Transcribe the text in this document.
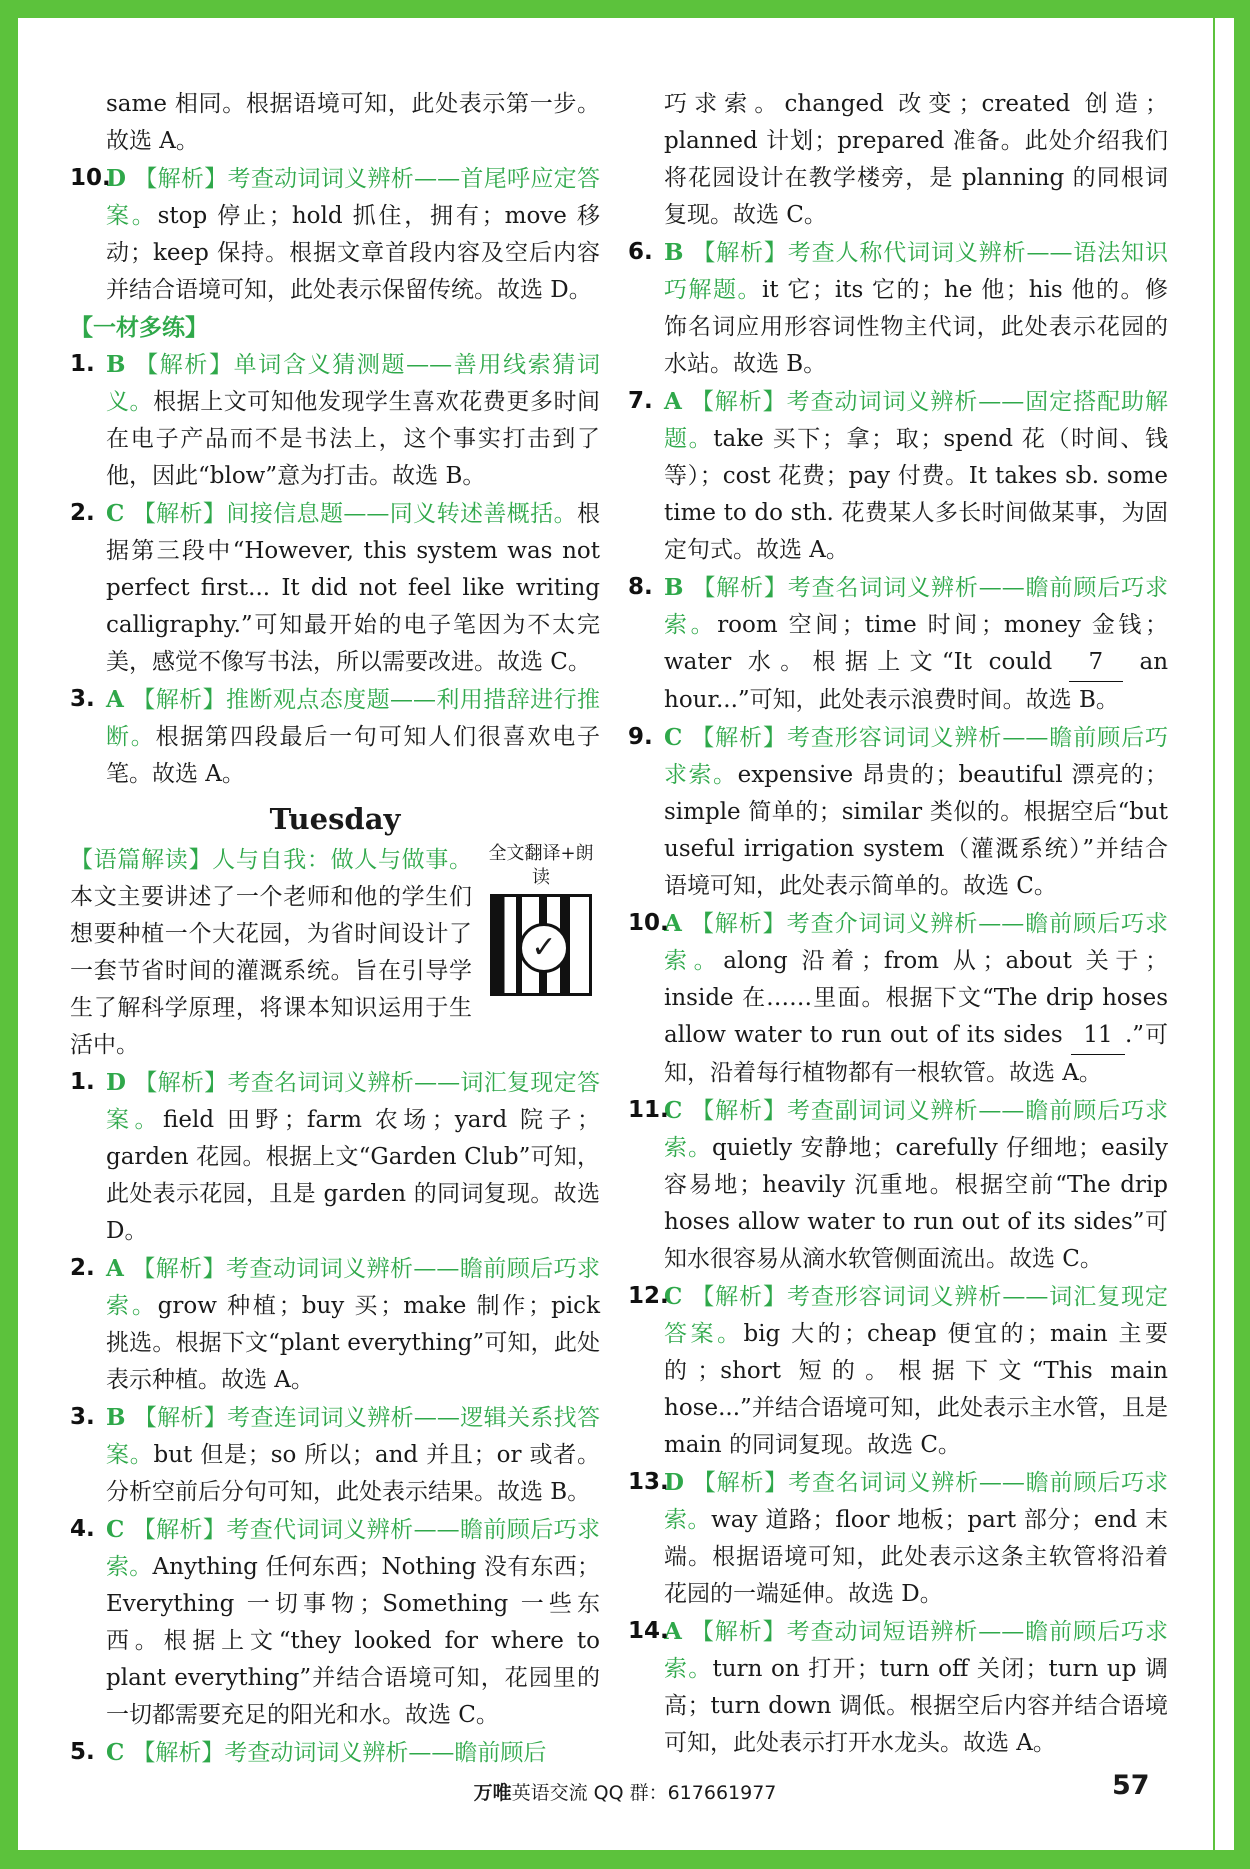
same 相同。根据语境可知，此处表示第一步。故选 A。
10.
D 【解析】考查动词词义辨析——首尾呼应定答案。stop 停止；hold 抓住，拥有；move 移动；keep 保持。根据文章首段内容及空后内容并结合语境可知，此处表示保留传统。故选 D。
【一材多练】
1. B 【解析】单词含义猜测题——善用线索猜词义。根据上文可知他发现学生喜欢花费更多时间在电子产品而不是书法上，这个事实打击到了他，因此“blow”意为打击。故选 B。
2. C 【解析】间接信息题——同义转述善概括。根据第三段中“However, this system was not perfect first... It did not feel like writing calligraphy.”可知最开始的电子笔因为不太完美，感觉不像写书法，所以需要改进。故选 C。
3. A 【解析】推断观点态度题——利用措辞进行推断。根据第四段最后一句可知人们很喜欢电子笔。故选 A。
Tuesday
全文翻译+朗读
✓
【语篇解读】人与自我：做人与做事。本文主要讲述了一个老师和他的学生们想要种植一个大花园，为省时间设计了一套节省时间的灌溉系统。旨在引导学生了解科学原理，将课本知识运用于生活中。
1. D 【解析】考查名词词义辨析——词汇复现定答案。field 田野；farm 农场；yard 院子；garden 花园。根据上文“Garden Club”可知，此处表示花园，且是 garden 的同词复现。故选 D。
2. A 【解析】考查动词词义辨析——瞻前顾后巧求索。grow 种植；buy 买；make 制作；pick 挑选。根据下文“plant everything”可知，此处表示种植。故选 A。
3. B 【解析】考查连词词义辨析——逻辑关系找答案。but 但是；so 所以；and 并且；or 或者。分析空前后分句可知，此处表示结果。故选 B。
4. C 【解析】考查代词词义辨析——瞻前顾后巧求索。Anything 任何东西；Nothing 没有东西；Everything 一切事物；Something 一些东西。根据上文“they looked for where to plant everything”并结合语境可知，花园里的一切都需要充足的阳光和水。故选 C。
5. C 【解析】考查动词词义辨析——瞻前顾后
巧求索。changed 改变；created 创造；planned 计划；prepared 准备。此处介绍我们将花园设计在教学楼旁，是 planning 的同根词复现。故选 C。
6. B 【解析】考查人称代词词义辨析——语法知识巧解题。it 它；its 它的；he 他；his 他的。修饰名词应用形容词性物主代词，此处表示花园的水站。故选 B。
7. A 【解析】考查动词词义辨析——固定搭配助解题。take 买下；拿；取；spend 花（时间、钱等）；cost 花费；pay 付费。It takes sb. some time to do sth. 花费某人多长时间做某事，为固定句式。故选 A。
8. B 【解析】考查名词词义辨析——瞻前顾后巧求索。room 空间；time 时间；money 金钱；water 水。根据上文“It could 7 an hour...”可知，此处表示浪费时间。故选 B。
9. C 【解析】考查形容词词义辨析——瞻前顾后巧求索。expensive 昂贵的；beautiful 漂亮的；simple 简单的；similar 类似的。根据空后“but useful irrigation system（灌溉系统）”并结合语境可知，此处表示简单的。故选 C。
10.
A 【解析】考查介词词义辨析——瞻前顾后巧求索。along 沿着；from 从；about 关于；inside 在……里面。根据下文“The drip hoses allow water to run out of its sides 11 .”可知，沿着每行植物都有一根软管。故选 A。
11.
C 【解析】考查副词词义辨析——瞻前顾后巧求索。quietly 安静地；carefully 仔细地；easily 容易地；heavily 沉重地。根据空前“The drip hoses allow water to run out of its sides”可知水很容易从滴水软管侧面流出。故选 C。
12.
C 【解析】考查形容词词义辨析——词汇复现定答案。big 大的；cheap 便宜的；main 主要的；short 短的。根据下文“This main hose...”并结合语境可知，此处表示主水管，且是 main 的同词复现。故选 C。
13.
D 【解析】考查名词词义辨析——瞻前顾后巧求索。way 道路；floor 地板；part 部分；end 末端。根据语境可知，此处表示这条主软管将沿着花园的一端延伸。故选 D。
14.
A 【解析】考查动词短语辨析——瞻前顾后巧求索。turn on 打开；turn off 关闭；turn up 调高；turn down 调低。根据空后内容并结合语境可知，此处表示打开水龙头。故选 A。
万唯英语交流 QQ 群：617661977	57
